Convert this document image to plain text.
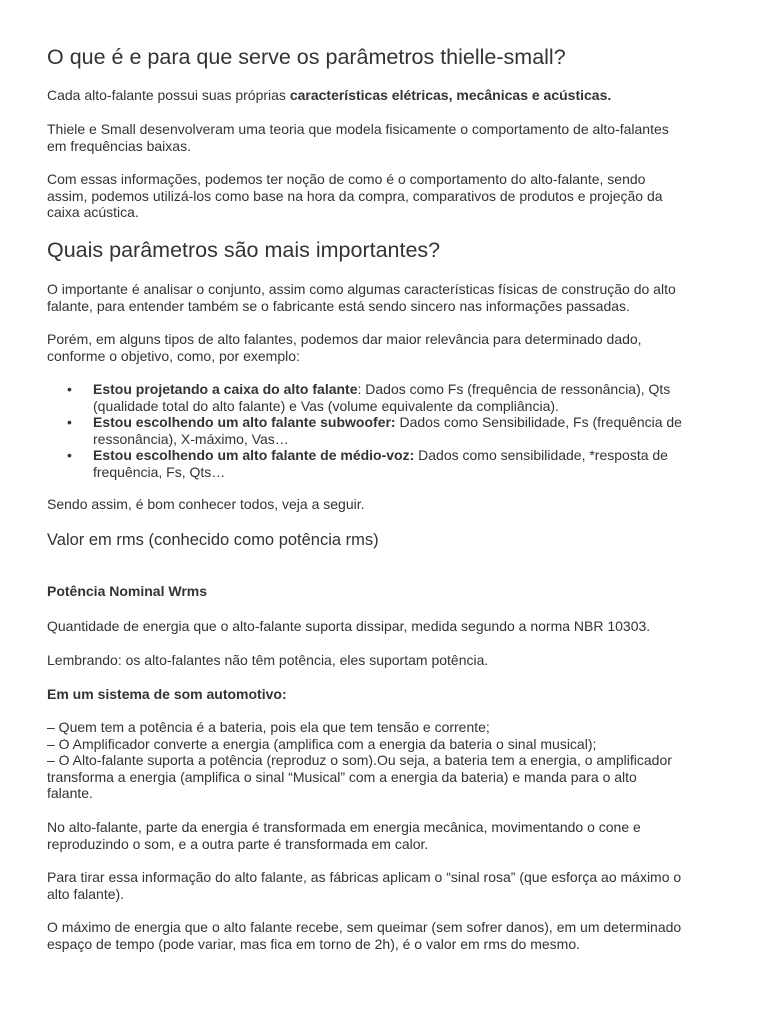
O que é e para que serve os parâmetros thielle-small?

Cada alto-falante possui suas próprias características elétricas, mecânicas e acústicas.

Thiele e Small desenvolveram uma teoria que modela fisicamente o comportamento de alto-falantes
em frequências baixas.

Com essas informações, podemos ter noção de como é o comportamento do alto-falante, sendo
assim, podemos utilizá-los como base na hora da compra, comparativos de produtos e projeção da
caixa acústica.

Quais parâmetros são mais importantes?

O importante é analisar o conjunto, assim como algumas características físicas de construção do alto
falante, para entender também se o fabricante está sendo sincero nas informações passadas.

Porém, em alguns tipos de alto falantes, podemos dar maior relevância para determinado dado,
conforme o objetivo, como, por exemplo:

• Estou projetando a caixa do alto falante: Dados como Fs (frequência de ressonância), Qts
(qualidade total do alto falante) e Vas (volume equivalente da compliância).
• Estou escolhendo um alto falante subwoofer: Dados como Sensibilidade, Fs (frequência de
ressonância), X-máximo, Vas…
• Estou escolhendo um alto falante de médio-voz: Dados como sensibilidade, *resposta de
frequência, Fs, Qts…

Sendo assim, é bom conhecer todos, veja a seguir.

Valor em rms (conhecido como potência rms)

Potência Nominal Wrms

Quantidade de energia que o alto-falante suporta dissipar, medida segundo a norma NBR 10303.

Lembrando: os alto-falantes não têm potência, eles suportam potência.

Em um sistema de som automotivo:

– Quem tem a potência é a bateria, pois ela que tem tensão e corrente;
– O Amplificador converte a energia (amplifica com a energia da bateria o sinal musical);
– O Alto-falante suporta a potência (reproduz o som).Ou seja, a bateria tem a energia, o amplificador
transforma a energia (amplifica o sinal “Musical” com a energia da bateria) e manda para o alto
falante.

No alto-falante, parte da energia é transformada em energia mecânica, movimentando o cone e
reproduzindo o som, e a outra parte é transformada em calor.

Para tirar essa informação do alto falante, as fábricas aplicam o “sinal rosa” (que esforça ao máximo o
alto falante).

O máximo de energia que o alto falante recebe, sem queimar (sem sofrer danos), em um determinado
espaço de tempo (pode variar, mas fica em torno de 2h), é o valor em rms do mesmo.
